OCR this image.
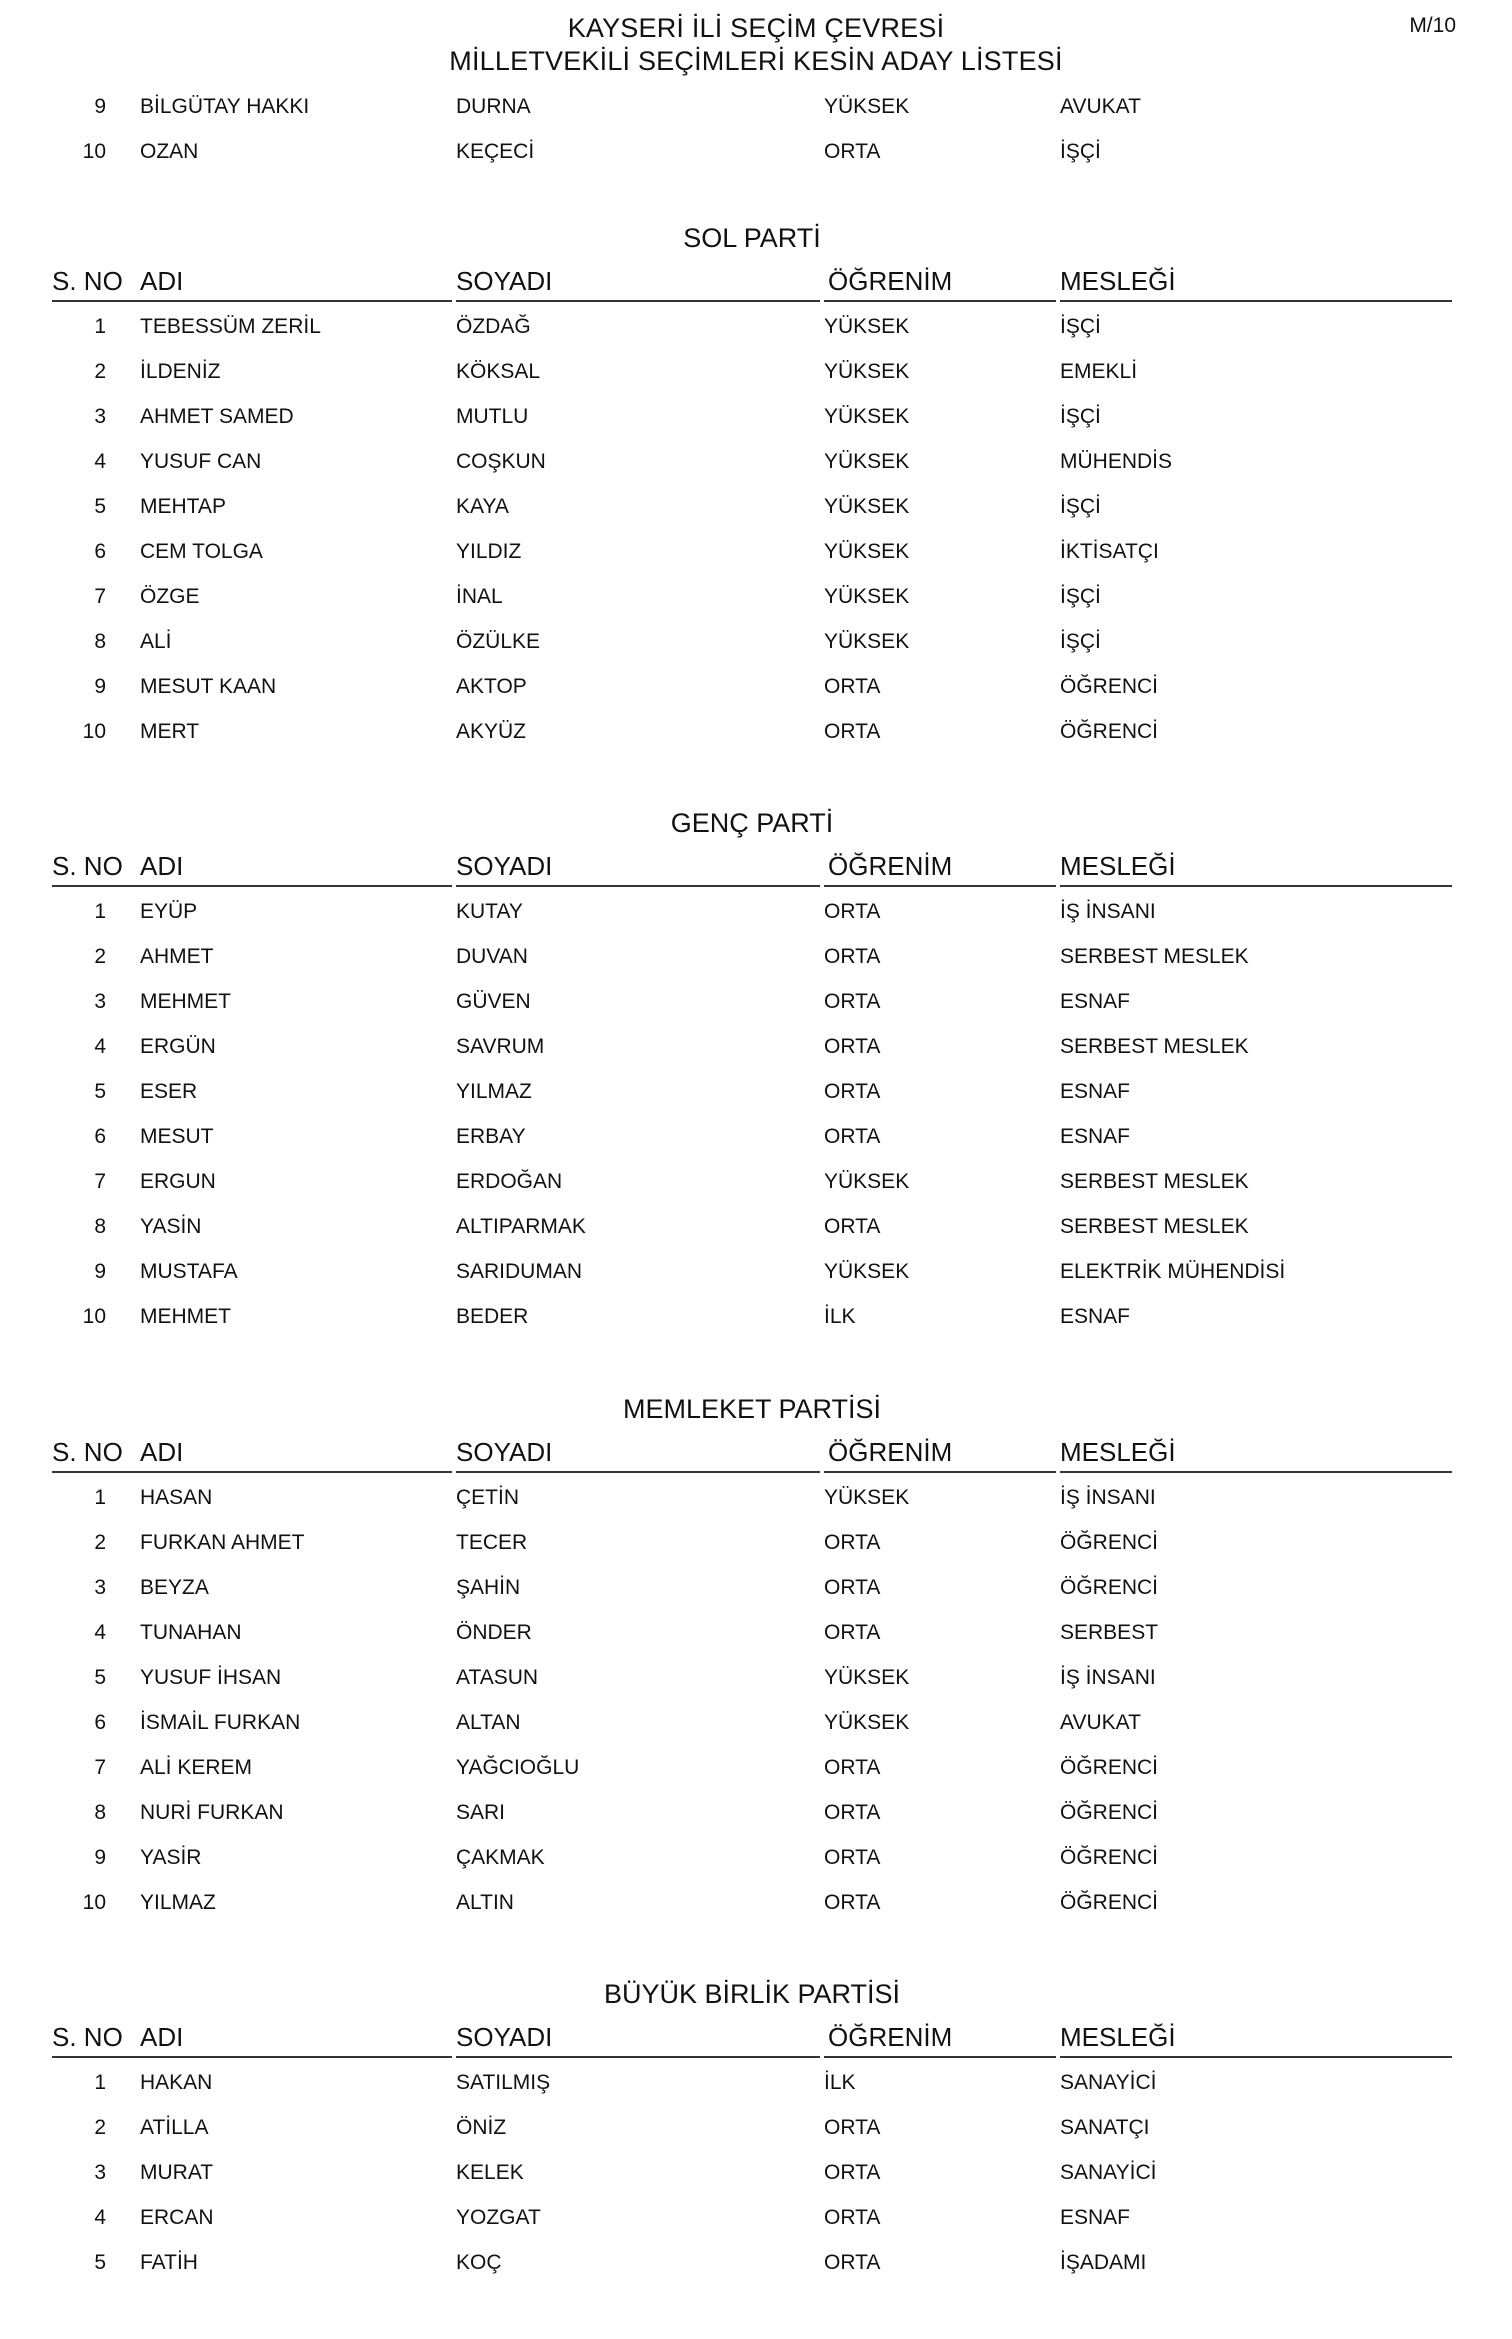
KAYSERİ İLİ SEÇİM ÇEVRESİ
MİLLETVEKİLİ SEÇİMLERİ KESİN ADAY LİSTESİ
M/10
9 BİLGÜTAY HAKKI	DURNA	YÜKSEK	AVUKAT
10 OZAN	KEÇECİ	ORTA	İŞÇİ
SOL PARTİ
S. NO ADI	SOYADI	ÖĞRENİM	MESLEĞİ
1 TEBESSÜM ZERİL	ÖZDAĞ	YÜKSEK	İŞÇİ
2 İLDENİZ	KÖKSAL	YÜKSEK	EMEKLİ
3 AHMET SAMED	MUTLU	YÜKSEK	İŞÇİ
4 YUSUF CAN	COŞKUN	YÜKSEK	MÜHENDİS
5 MEHTAP	KAYA	YÜKSEK	İŞÇİ
6 CEM TOLGA	YILDIZ	YÜKSEK	İKTİSATÇI
7 ÖZGE	İNAL	YÜKSEK	İŞÇİ
8 ALİ	ÖZÜLKE	YÜKSEK	İŞÇİ
9 MESUT KAAN	AKTOP	ORTA	ÖĞRENCİ
10 MERT	AKYÜZ	ORTA	ÖĞRENCİ
GENÇ PARTİ
S. NO ADI	SOYADI	ÖĞRENİM	MESLEĞİ
1 EYÜP	KUTAY	ORTA	İŞ İNSANI
2 AHMET	DUVAN	ORTA	SERBEST MESLEK
3 MEHMET	GÜVEN	ORTA	ESNAF
4 ERGÜN	SAVRUM	ORTA	SERBEST MESLEK
5 ESER	YILMAZ	ORTA	ESNAF
6 MESUT	ERBAY	ORTA	ESNAF
7 ERGUN	ERDOĞAN	YÜKSEK	SERBEST MESLEK
8 YASİN	ALTIPARMAK	ORTA	SERBEST MESLEK
9 MUSTAFA	SARIDUMAN	YÜKSEK	ELEKTRİK MÜHENDİSİ
10 MEHMET	BEDER	İLK	ESNAF
MEMLEKET PARTİSİ
S. NO ADI	SOYADI	ÖĞRENİM	MESLEĞİ
1 HASAN	ÇETİN	YÜKSEK	İŞ İNSANI
2 FURKAN AHMET	TECER	ORTA	ÖĞRENCİ
3 BEYZA	ŞAHİN	ORTA	ÖĞRENCİ
4 TUNAHAN	ÖNDER	ORTA	SERBEST
5 YUSUF İHSAN	ATASUN	YÜKSEK	İŞ İNSANI
6 İSMAİL FURKAN	ALTAN	YÜKSEK	AVUKAT
7 ALİ KEREM	YAĞCIOĞLU	ORTA	ÖĞRENCİ
8 NURİ FURKAN	SARI	ORTA	ÖĞRENCİ
9 YASİR	ÇAKMAK	ORTA	ÖĞRENCİ
10 YILMAZ	ALTIN	ORTA	ÖĞRENCİ
BÜYÜK BİRLİK PARTİSİ
S. NO ADI	SOYADI	ÖĞRENİM	MESLEĞİ
1 HAKAN	SATILMIŞ	İLK	SANAYİCİ
2 ATİLLA	ÖNİZ	ORTA	SANATÇI
3 MURAT	KELEK	ORTA	SANAYİCİ
4 ERCAN	YOZGAT	ORTA	ESNAF
5 FATİH	KOÇ	ORTA	İŞADAMI
